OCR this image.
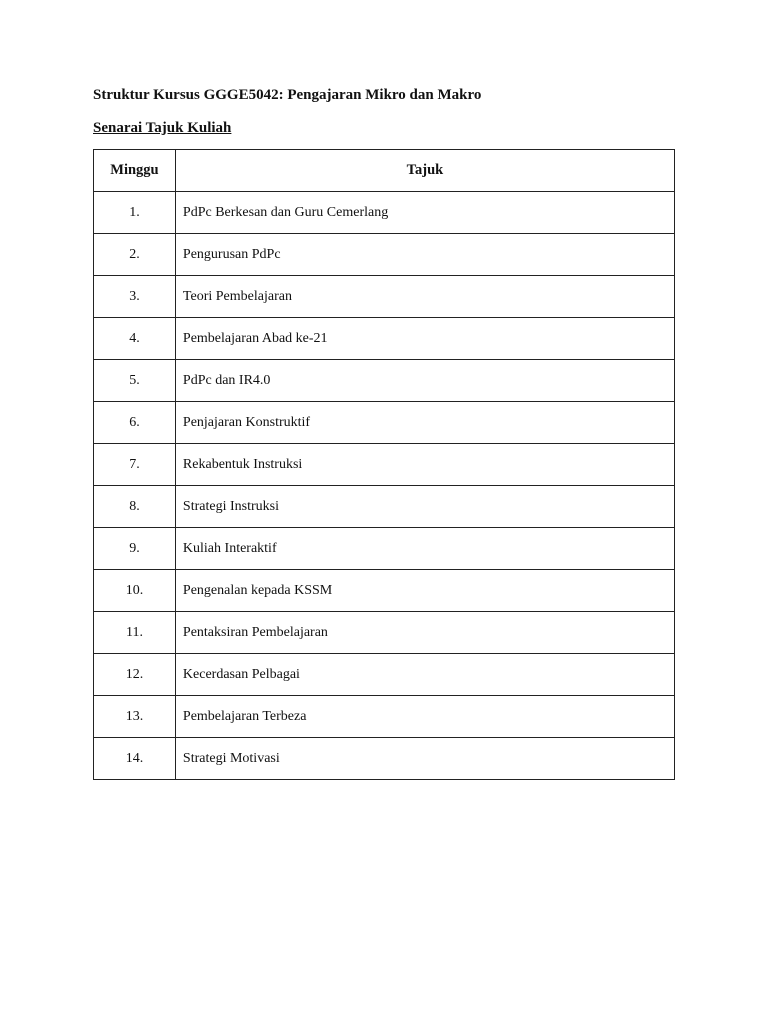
Struktur Kursus GGGE5042: Pengajaran Mikro dan Makro
Senarai Tajuk Kuliah
Minggu	Tajuk
1.	PdPc Berkesan dan Guru Cemerlang
2.	Pengurusan PdPc
3.	Teori Pembelajaran
4.	Pembelajaran Abad ke-21
5.	PdPc dan IR4.0
6.	Penjajaran Konstruktif
7.	Rekabentuk Instruksi
8.	Strategi Instruksi
9.	Kuliah Interaktif
10.	Pengenalan kepada KSSM
11.	Pentaksiran Pembelajaran
12.	Kecerdasan Pelbagai
13.	Pembelajaran Terbeza
14.	Strategi Motivasi
